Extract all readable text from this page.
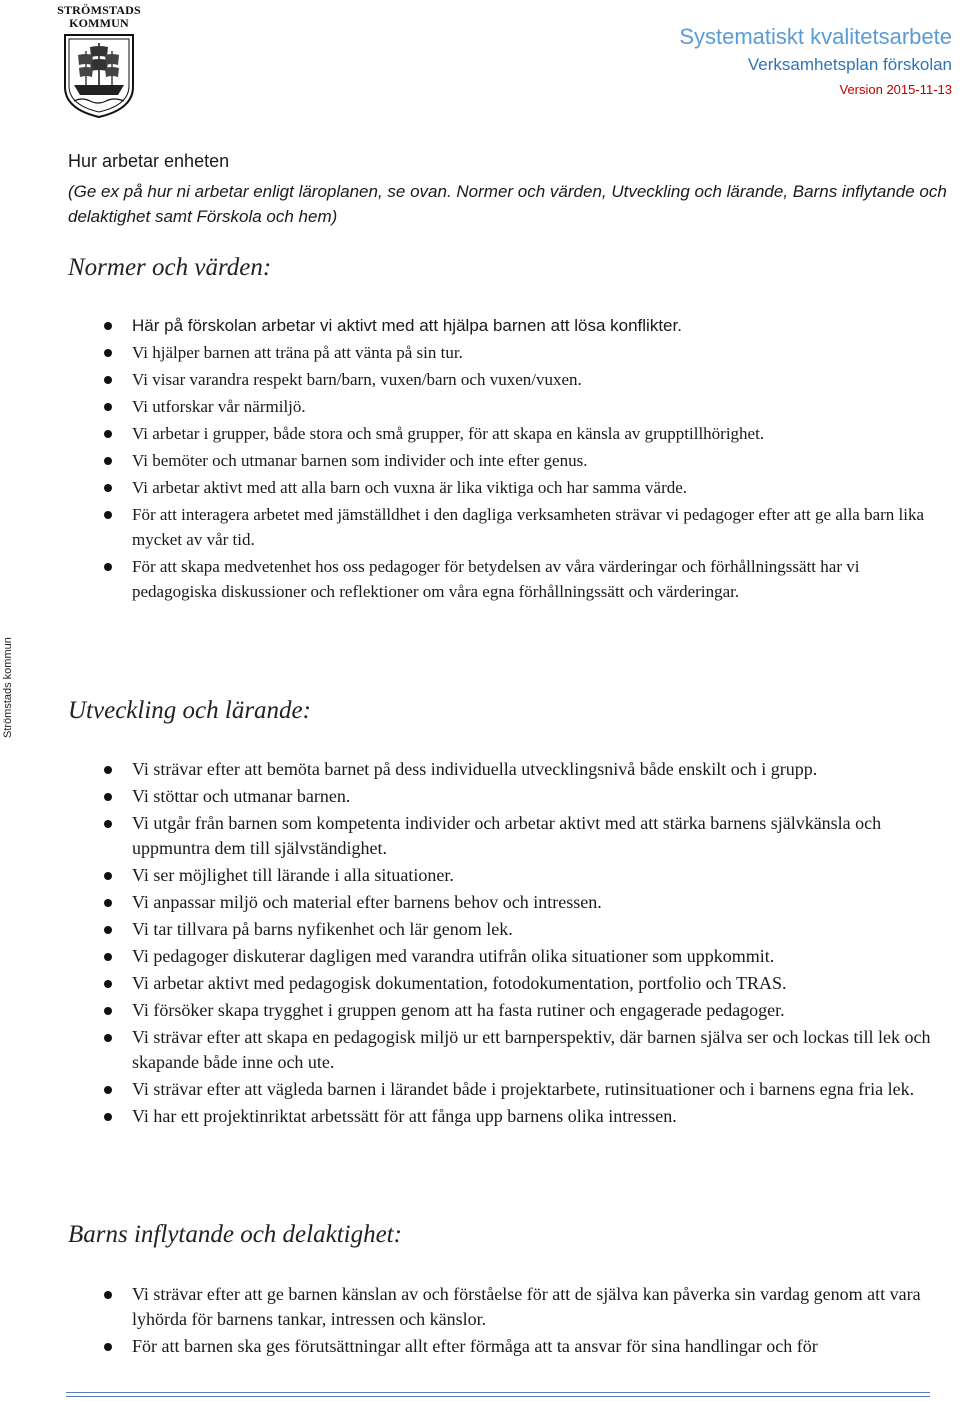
STRÖMSTADS
KOMMUN
Systematiskt kvalitetsarbete
Verksamhetsplan förskolan
Version 2015-11-13
Strömstads kommun
Hur arbetar enheten

(Ge ex på hur ni arbetar enligt läroplanen, se ovan. Normer och värden, Utveckling och lärande, Barns inflytande och delaktighet samt Förskola och hem)

Normer och värden:
Här på förskolan arbetar vi aktivt med att hjälpa barnen att lösa konflikter.
Vi hjälper barnen att träna på att vänta på sin tur.
Vi visar varandra respekt barn/barn, vuxen/barn och vuxen/vuxen.
Vi utforskar vår närmiljö.
Vi arbetar i grupper, både stora och små grupper, för att skapa en känsla av grupptillhörighet.
Vi bemöter och utmanar barnen som individer och inte efter genus.
Vi arbetar aktivt med att alla barn och vuxna är lika viktiga och har samma värde.
För att interagera arbetet med jämställdhet i den dagliga verksamheten strävar vi pedagoger efter att ge alla barn lika mycket av vår tid.
För att skapa medvetenhet hos oss pedagoger för betydelsen av våra värderingar och förhållningssätt har vi pedagogiska diskussioner och reflektioner om våra egna förhållningssätt och värderingar.
Utveckling och lärande:
Vi strävar efter att bemöta barnet på dess individuella utvecklingsnivå både enskilt och i grupp.
Vi stöttar och utmanar barnen.
Vi utgår från barnen som kompetenta individer och arbetar aktivt med att stärka barnens självkänsla och uppmuntra dem till självständighet.
Vi ser möjlighet till lärande i alla situationer.
Vi anpassar miljö och material efter barnens behov och intressen.
Vi tar tillvara på barns nyfikenhet och lär genom lek.
Vi pedagoger diskuterar dagligen med varandra utifrån olika situationer som uppkommit.
Vi arbetar aktivt med pedagogisk dokumentation, fotodokumentation, portfolio och TRAS.
Vi försöker skapa trygghet i gruppen genom att ha fasta rutiner och engagerade pedagoger.
Vi strävar efter att skapa en pedagogisk miljö ur ett barnperspektiv, där barnen själva ser och lockas till lek och skapande både inne och ute.
Vi strävar efter att vägleda barnen i lärandet både i projektarbete, rutinsituationer och i barnens egna fria lek.
Vi har ett projektinriktat arbetssätt för att fånga upp barnens olika intressen.
Barns inflytande och delaktighet:
Vi strävar efter att ge barnen känslan av och förståelse för att de själva kan påverka sin vardag genom att vara lyhörda för barnens tankar, intressen och känslor.
För att barnen ska ges förutsättningar allt efter förmåga att ta ansvar för sina handlingar och för
